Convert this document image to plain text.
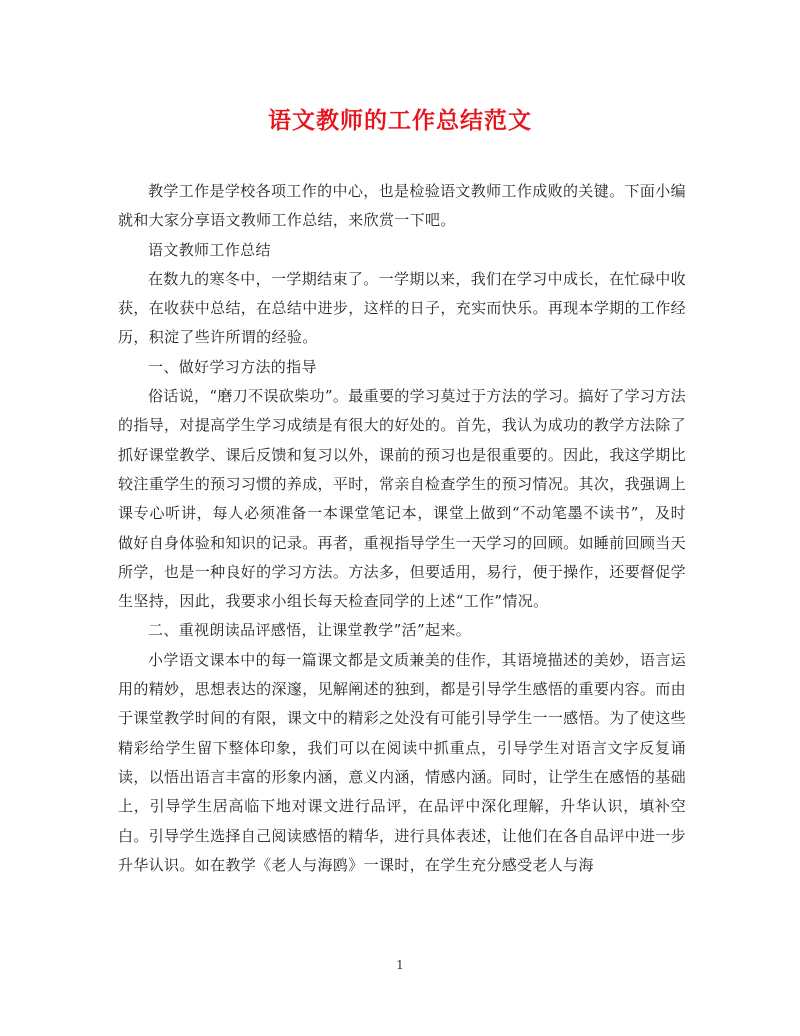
语文教师的工作总结范文

教学工作是学校各项工作的中心，也是检验语文教师工作成败的关键。下面小编就和大家分享语文教师工作总结，来欣赏一下吧。

语文教师工作总结

在数九的寒冬中，一学期结束了。一学期以来，我们在学习中成长，在忙碌中收获，在收获中总结，在总结中进步，这样的日子，充实而快乐。再现本学期的工作经历，积淀了些许所谓的经验。

一、做好学习方法的指导

俗话说，“磨刀不误砍柴功”。最重要的学习莫过于方法的学习。搞好了学习方法的指导，对提高学生学习成绩是有很大的好处的。首先，我认为成功的教学方法除了抓好课堂教学、课后反馈和复习以外，课前的预习也是很重要的。因此，我这学期比较注重学生的预习习惯的养成，平时，常亲自检查学生的预习情况。其次，我强调上课专心听讲，每人必须准备一本课堂笔记本，课堂上做到“不动笔墨不读书”，及时做好自身体验和知识的记录。再者，重视指导学生一天学习的回顾。如睡前回顾当天所学，也是一种良好的学习方法。方法多，但要适用，易行，便于操作，还要督促学生坚持，因此，我要求小组长每天检查同学的上述“工作”情况。

二、重视朗读品评感悟，让课堂教学”活”起来。

小学语文课本中的每一篇课文都是文质兼美的佳作，其语境描述的美妙，语言运用的精妙，思想表达的深邃，见解阐述的独到，都是引导学生感悟的重要内容。而由于课堂教学时间的有限，课文中的精彩之处没有可能引导学生一一感悟。为了使这些精彩给学生留下整体印象，我们可以在阅读中抓重点，引导学生对语言文字反复诵读，以悟出语言丰富的形象内涵，意义内涵，情感内涵。同时，让学生在感悟的基础上，引导学生居高临下地对课文进行品评，在品评中深化理解，升华认识，填补空白。引导学生选择自己阅读感悟的精华，进行具体表述，让他们在各自品评中进一步升华认识。如在教学《老人与海鸥》一课时，在学生充分感受老人与海

1
